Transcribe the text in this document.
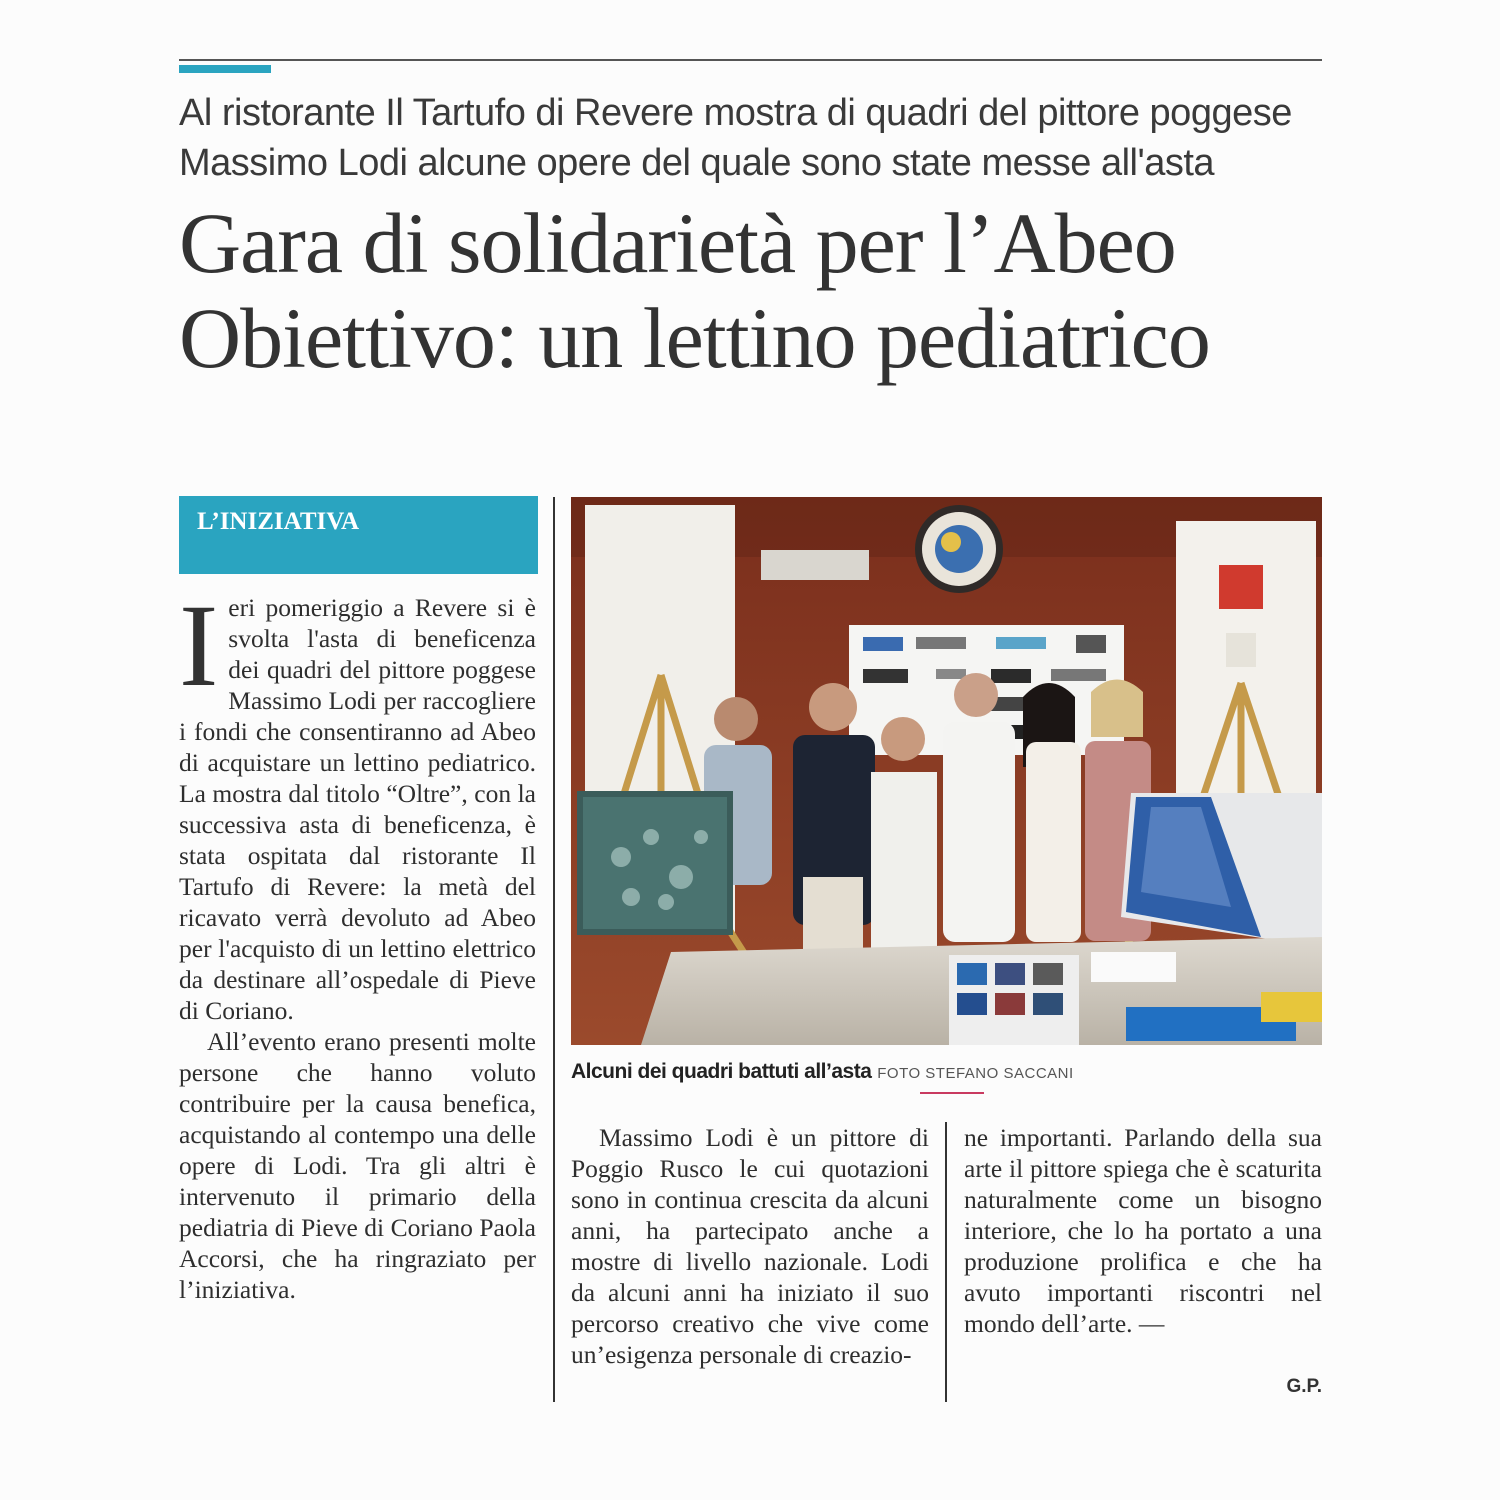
Al ristorante Il Tartufo di Revere mostra di quadri del pittore poggese Massimo Lodi alcune opere del quale sono state messe all'asta
Gara di solidarietà per l’Abeo
Obiettivo: un lettino pediatrico
L’INIZIATIVA

Ieri pomeriggio a Revere si è svolta l'asta di beneficenza dei quadri del pittore poggese Massimo Lodi per raccogliere i fondi che consentiranno ad Abeo di acquistare un lettino pediatrico. La mostra dal titolo “Oltre”, con la successiva asta di beneficenza, è stata ospitata dal ristorante Il Tartufo di Revere: la metà del ricavato verrà devoluto ad Abeo per l'acquisto di un lettino elettrico da destinare all’ospedale di Pieve di Coriano.

All’evento erano presenti molte persone che hanno voluto contribuire per la causa benefica, acquistando al contempo una delle opere di Lodi. Tra gli altri è intervenuto il primario della pediatria di Pieve di Coriano Paola Accorsi, che ha ringraziato per l’iniziativa.

Alcuni dei quadri battuti all’asta FOTO STEFANO SACCANI

Massimo Lodi è un pittore di Poggio Rusco le cui quotazioni sono in continua crescita da alcuni anni, ha partecipato anche a mostre di livello nazionale. Lodi da alcuni anni ha iniziato il suo percorso creativo che vive come un’esigenza personale di creazio-

ne importanti. Parlando della sua arte il pittore spiega che è scaturita naturalmente come un bisogno interiore, che lo ha portato a una produzione prolifica e che ha avuto importanti riscontri nel mondo dell’arte. —

G.P.
